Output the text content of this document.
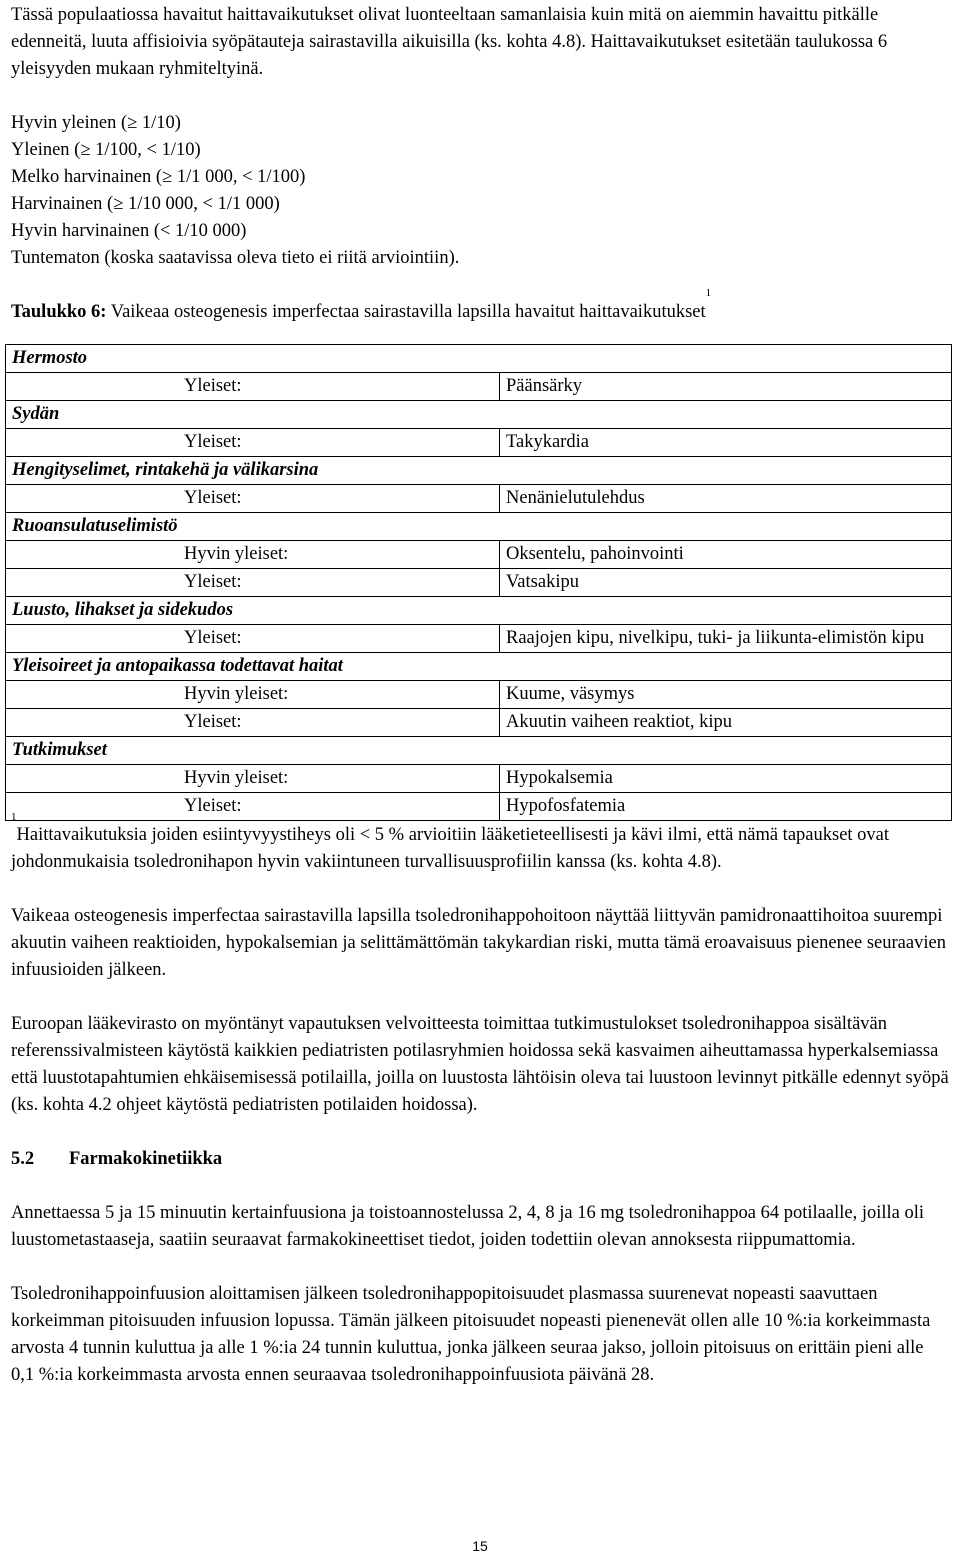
Tässä populaatiossa havaitut haittavaikutukset olivat luonteeltaan samanlaisia kuin mitä on aiemmin havaittu pitkälle edenneitä, luuta affisioivia syöpätauteja sairastavilla aikuisilla (ks. kohta 4.8). Haittavaikutukset esitetään taulukossa 6 yleisyyden mukaan ryhmiteltyinä.

Hyvin yleinen (≥ 1/10)

Yleinen (≥ 1/100, < 1/10)

Melko harvinainen (≥ 1/1 000, < 1/100)

Harvinainen (≥ 1/10 000, < 1/1 000)

Hyvin harvinainen (< 1/10 000)

Tuntematon (koska saatavissa oleva tieto ei riitä arviointiin).

Taulukko 6: Vaikeaa osteogenesis imperfectaa sairastavilla lapsilla havaitut haittavaikutukset$^1$

Hermosto	
Yleiset:	Päänsärky
Sydän	
Yleiset:	Takykardia
Hengityselimet, rintakehä ja välikarsina	
Yleiset:	Nenänielutulehdus
Ruoansulatuselimistö	
Hyvin yleiset:	Oksentelu, pahoinvointi
Yleiset:	Vatsakipu
Luusto, lihakset ja sidekudos	
Yleiset:	Raajojen kipu, nivelkipu, tuki- ja liikunta-elimistön kipu
Yleisoireet ja antopaikassa todettavat haitat	
Hyvin yleiset:	Kuume, väsymys
Yleiset:	Akuutin vaiheen reaktiot, kipu
Tutkimukset	
Hyvin yleiset:	Hypokalsemia
Yleiset:	Hypofosfatemia

$^1$Haittavaikutuksia joiden esiintyvyystiheys oli < 5 % arvioitiin lääketieteellisesti ja kävi ilmi, että nämä tapaukset ovat johdonmukaisia tsoledronihapon hyvin vakiintuneen turvallisuusprofiilin kanssa (ks. kohta 4.8).

Vaikeaa osteogenesis imperfectaa sairastavilla lapsilla tsoledronihappohoitoon näyttää liittyvän pamidronaattihoitoa suurempi akuutin vaiheen reaktioiden, hypokalsemian ja selittämättömän takykardian riski, mutta tämä eroavaisuus pienenee seuraavien infuusioiden jälkeen.

Euroopan lääkevirasto on myöntänyt vapautuksen velvoitteesta toimittaa tutkimustulokset tsoledronihappoa sisältävän referenssivalmisteen käytöstä kaikkien pediatristen potilasryhmien hoidossa sekä kasvaimen aiheuttamassa hyperkalsemiassa että luustotapahtumien ehkäisemisessä potilailla, joilla on luustosta lähtöisin oleva tai luustoon levinnyt pitkälle edennyt syöpä (ks. kohta 4.2 ohjeet käytöstä pediatristen potilaiden hoidossa).

5.2 Farmakokinetiikka

Annettaessa 5 ja 15 minuutin kertainfuusiona ja toistoannostelussa 2, 4, 8 ja 16 mg tsoledronihappoa 64 potilaalle, joilla oli luustometastaaseja, saatiin seuraavat farmakokineettiset tiedot, joiden todettiin olevan annoksesta riippumattomia.

Tsoledronihappoinfuusion aloittamisen jälkeen tsoledronihappopitoisuudet plasmassa suurenevat nopeasti saavuttaen korkeimman pitoisuuden infuusion lopussa. Tämän jälkeen pitoisuudet nopeasti pienenevät ollen alle 10 %:ia korkeimmasta arvosta 4 tunnin kuluttua ja alle 1 %:ia 24 tunnin kuluttua, jonka jälkeen seuraa jakso, jolloin pitoisuus on erittäin pieni alle 0,1 %:ia korkeimmasta arvosta ennen seuraavaa tsoledronihappoinfuusiota päivänä 28.

15
